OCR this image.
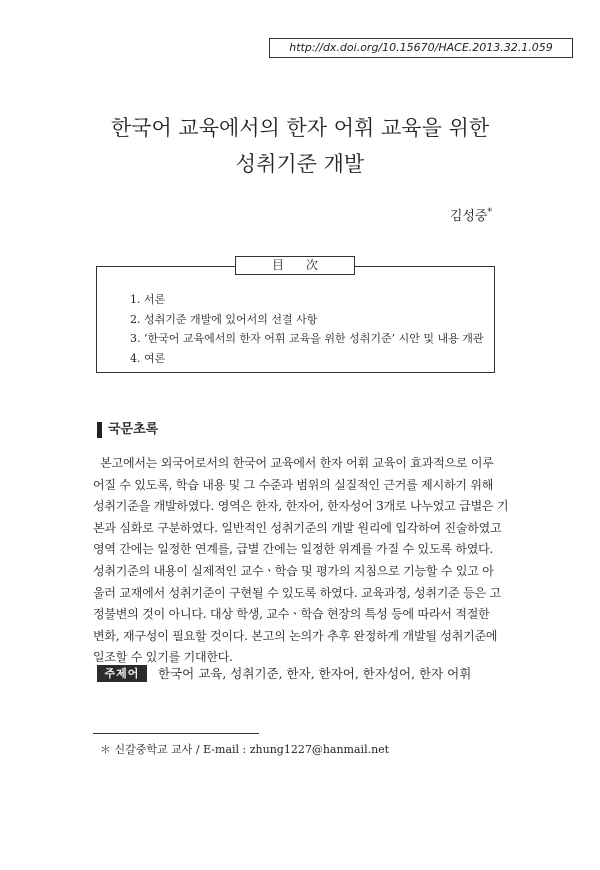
http://dx.doi.org/10.15670/HACE.2013.32.1.059
한국어 교육에서의 한자 어휘 교육을 위한
성취기준 개발
김성중*
目次
1. 서론
2. 성취기준 개발에 있어서의 선결 사항
3. ‘한국어 교육에서의 한자 어휘 교육을 위한 성취기준’ 시안 및 내용 개관
4. 여론
국문초록
본고에서는 외국어로서의 한국어 교육에서 한자 어휘 교육이 효과적으로 이루
어질 수 있도록, 학습 내용 및 그 수준과 범위의 실질적인 근거를 제시하기 위해
성취기준을 개발하였다. 영역은 한자, 한자어, 한자성어 3개로 나누었고 급별은 기
본과 심화로 구분하였다. 일반적인 성취기준의 개발 원리에 입각하여 진술하였고
영역 간에는 일정한 연계를, 급별 간에는 일정한 위계를 가질 수 있도록 하였다.
성취기준의 내용이 실제적인 교수ㆍ학습 및 평가의 지침으로 기능할 수 있고 아
울러 교재에서 성취기준이 구현될 수 있도록 하였다. 교육과정, 성취기준 등은 고
정불변의 것이 아니다. 대상 학생, 교수ㆍ학습 현장의 특성 등에 따라서 적절한
변화, 재구성이 필요할 것이다. 본고의 논의가 추후 완정하게 개발될 성취기준에
일조할 수 있기를 기대한다.
주제어	한국어 교육, 성취기준, 한자, 한자어, 한자성어, 한자 어휘
＊ 신갈중학교 교사 / E-mail : zhung1227@hanmail.net
